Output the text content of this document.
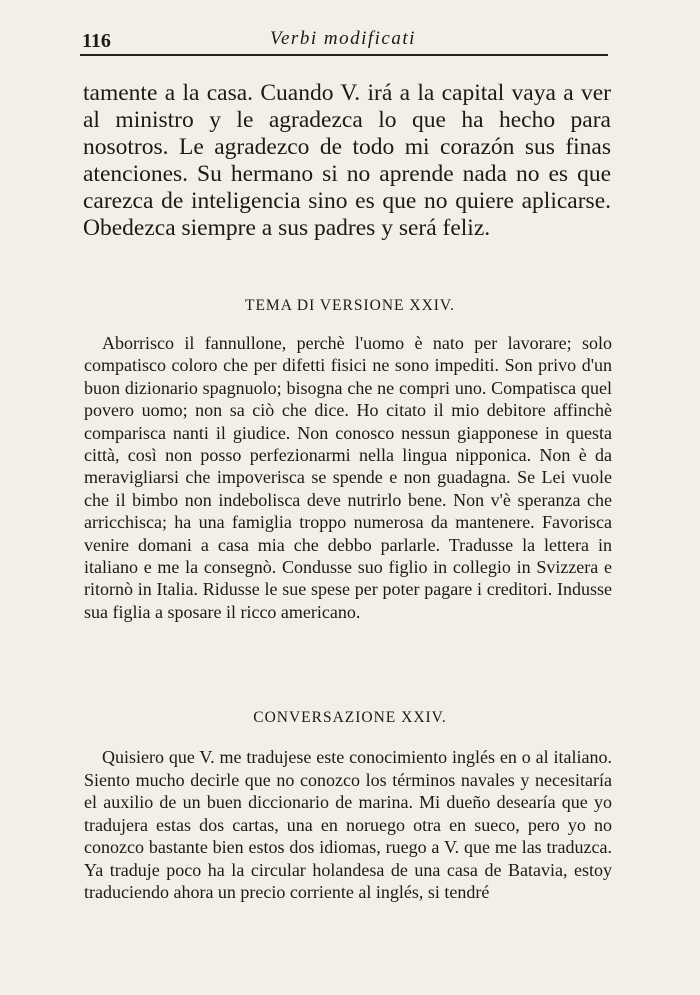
116	Verbi modificati
tamente a la casa. Cuando V. irá a la capital vaya a ver al ministro y le agradezca lo que ha hecho para nosotros. Le agradezco de todo mi corazón sus finas atenciones. Su hermano si no aprende nada no es que carezca de inteligencia sino es que no quiere aplicarse. Obedezca siempre a sus padres y será feliz.
TEMA DI VERSIONE XXIV.
Aborrisco il fannullone, perchè l'uomo è nato per lavorare; solo compatisco coloro che per difetti fisici ne sono impediti. Son privo d'un buon dizionario spagnuolo; bisogna che ne compri uno. Compatisca quel povero uomo; non sa ciò che dice. Ho citato il mio debitore affinchè comparisca nanti il giudice. Non conosco nessun giapponese in questa città, così non posso perfezionarmi nella lingua nipponica. Non è da meravigliarsi che impoverisca se spende e non guadagna. Se Lei vuole che il bimbo non indebolisca deve nutrirlo bene. Non v'è speranza che arricchisca; ha una famiglia troppo numerosa da mantenere. Favorisca venire domani a casa mia che debbo parlarle. Tradusse la lettera in italiano e me la consegnò. Condusse suo figlio in collegio in Svizzera e ritornò in Italia. Ridusse le sue spese per poter pagare i creditori. Indusse sua figlia a sposare il ricco americano.
CONVERSAZIONE XXIV.
Quisiero que V. me tradujese este conocimiento inglés en o al italiano. Siento mucho decirle que no conozco los términos navales y necesitaría el auxilio de un buen diccionario de marina. Mi dueño desearía que yo tradujera estas dos cartas, una en noruego otra en sueco, pero yo no conozco bastante bien estos dos idiomas, ruego a V. que me las traduzca. Ya traduje poco ha la circular holandesa de una casa de Batavia, estoy traduciendo ahora un precio corriente al inglés, si tendré
